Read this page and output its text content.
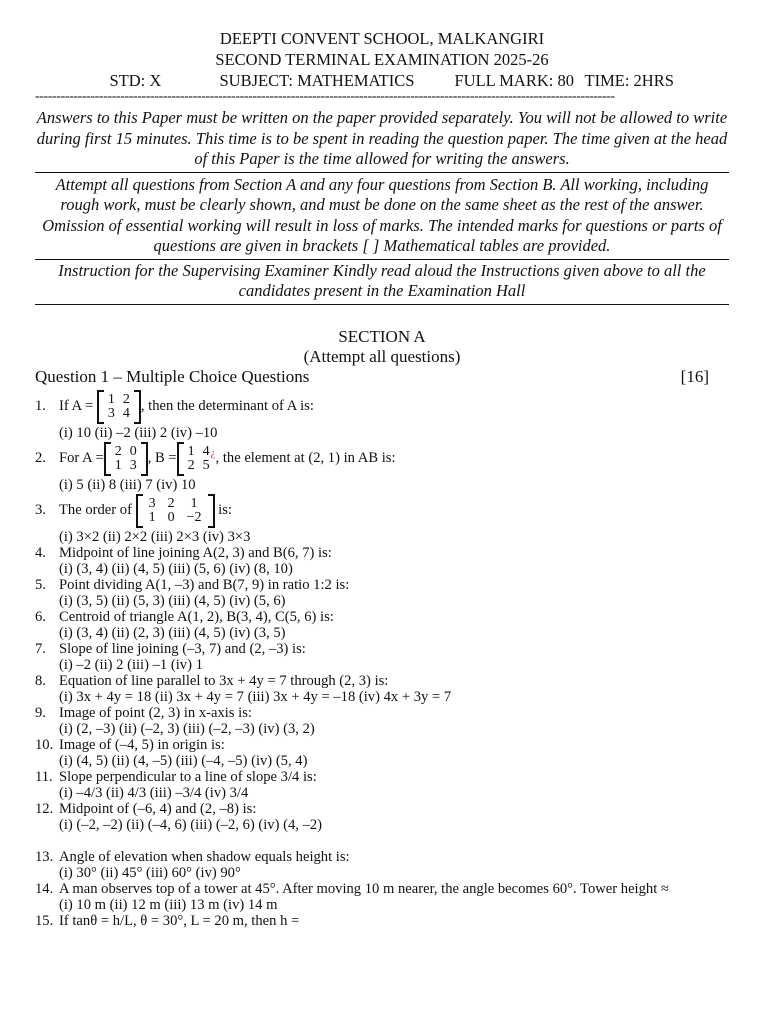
DEEPTI CONVENT SCHOOL, MALKANGIRI
SECOND TERMINAL EXAMINATION 2025-26
STD: X	SUBJECT: MATHEMATICS	FULL MARK: 80 TIME: 2HRS
----------------------------------------------------------------------------------------------------------------------------------------
Answers to this Paper must be written on the paper provided separately. You will not be allowed to write during first 15 minutes. This time is to be spent in reading the question paper. The time given at the head of this Paper is the time allowed for writing the answers.
Attempt all questions from Section A and any four questions from Section B. All working, including rough work, must be clearly shown, and must be done on the same sheet as the rest of the answer. Omission of essential working will result in loss of marks. The intended marks for questions or parts of questions are given in brackets [ ] Mathematical tables are provided.
Instruction for the Supervising Examiner Kindly read aloud the Instructions given above to all the candidates present in the Examination Hall
SECTION A
(Attempt all questions)
Question 1 – Multiple Choice Questions	[16]
1. If A =
1	2
3	4 , then the determinant of A is:
(i) 10 (ii) –2 (iii) 2 (iv) –10
2. For A = 2	0
1	3 , B = 1	4
2	5
¿ , the element at (2, 1) in AB is:
(i) 5 (ii) 8 (iii) 7 (iv) 10
3. The order of
3	2	1
1	0	−2
is:
(i) 3×2 (ii) 2×2 (iii) 2×3 (iv) 3×3
4. Midpoint of line joining A(2, 3) and B(6, 7) is:
(i) (3, 4) (ii) (4, 5) (iii) (5, 6) (iv) (8, 10)
5. Point dividing A(1, –3) and B(7, 9) in ratio 1:2 is:
(i) (3, 5) (ii) (5, 3) (iii) (4, 5) (iv) (5, 6)
6. Centroid of triangle A(1, 2), B(3, 4), C(5, 6) is:
(i) (3, 4) (ii) (2, 3) (iii) (4, 5) (iv) (3, 5)
7. Slope of line joining (–3, 7) and (2, –3) is:
(i) –2 (ii) 2 (iii) –1 (iv) 1
8. Equation of line parallel to 3x + 4y = 7 through (2, 3) is:
(i) 3x + 4y = 18 (ii) 3x + 4y = 7 (iii) 3x + 4y = –18 (iv) 4x + 3y = 7
9. Image of point (2, 3) in x-axis is:
(i) (2, –3) (ii) (–2, 3) (iii) (–2, –3) (iv) (3, 2)
10. Image of (–4, 5) in origin is:
(i) (4, 5) (ii) (4, –5) (iii) (–4, –5) (iv) (5, 4)
11. Slope perpendicular to a line of slope 3/4 is:
(i) –4/3 (ii) 4/3 (iii) –3/4 (iv) 3/4
12. Midpoint of (–6, 4) and (2, –8) is:
(i) (–2, –2) (ii) (–4, 6) (iii) (–2, 6) (iv) (4, –2)
13. Angle of elevation when shadow equals height is:
(i) 30° (ii) 45° (iii) 60° (iv) 90°
14. A man observes top of a tower at 45°. After moving 10 m nearer, the angle becomes 60°. Tower height ≈
(i) 10 m (ii) 12 m (iii) 13 m (iv) 14 m
15. If tanθ = h/L, θ = 30°, L = 20 m, then h =
